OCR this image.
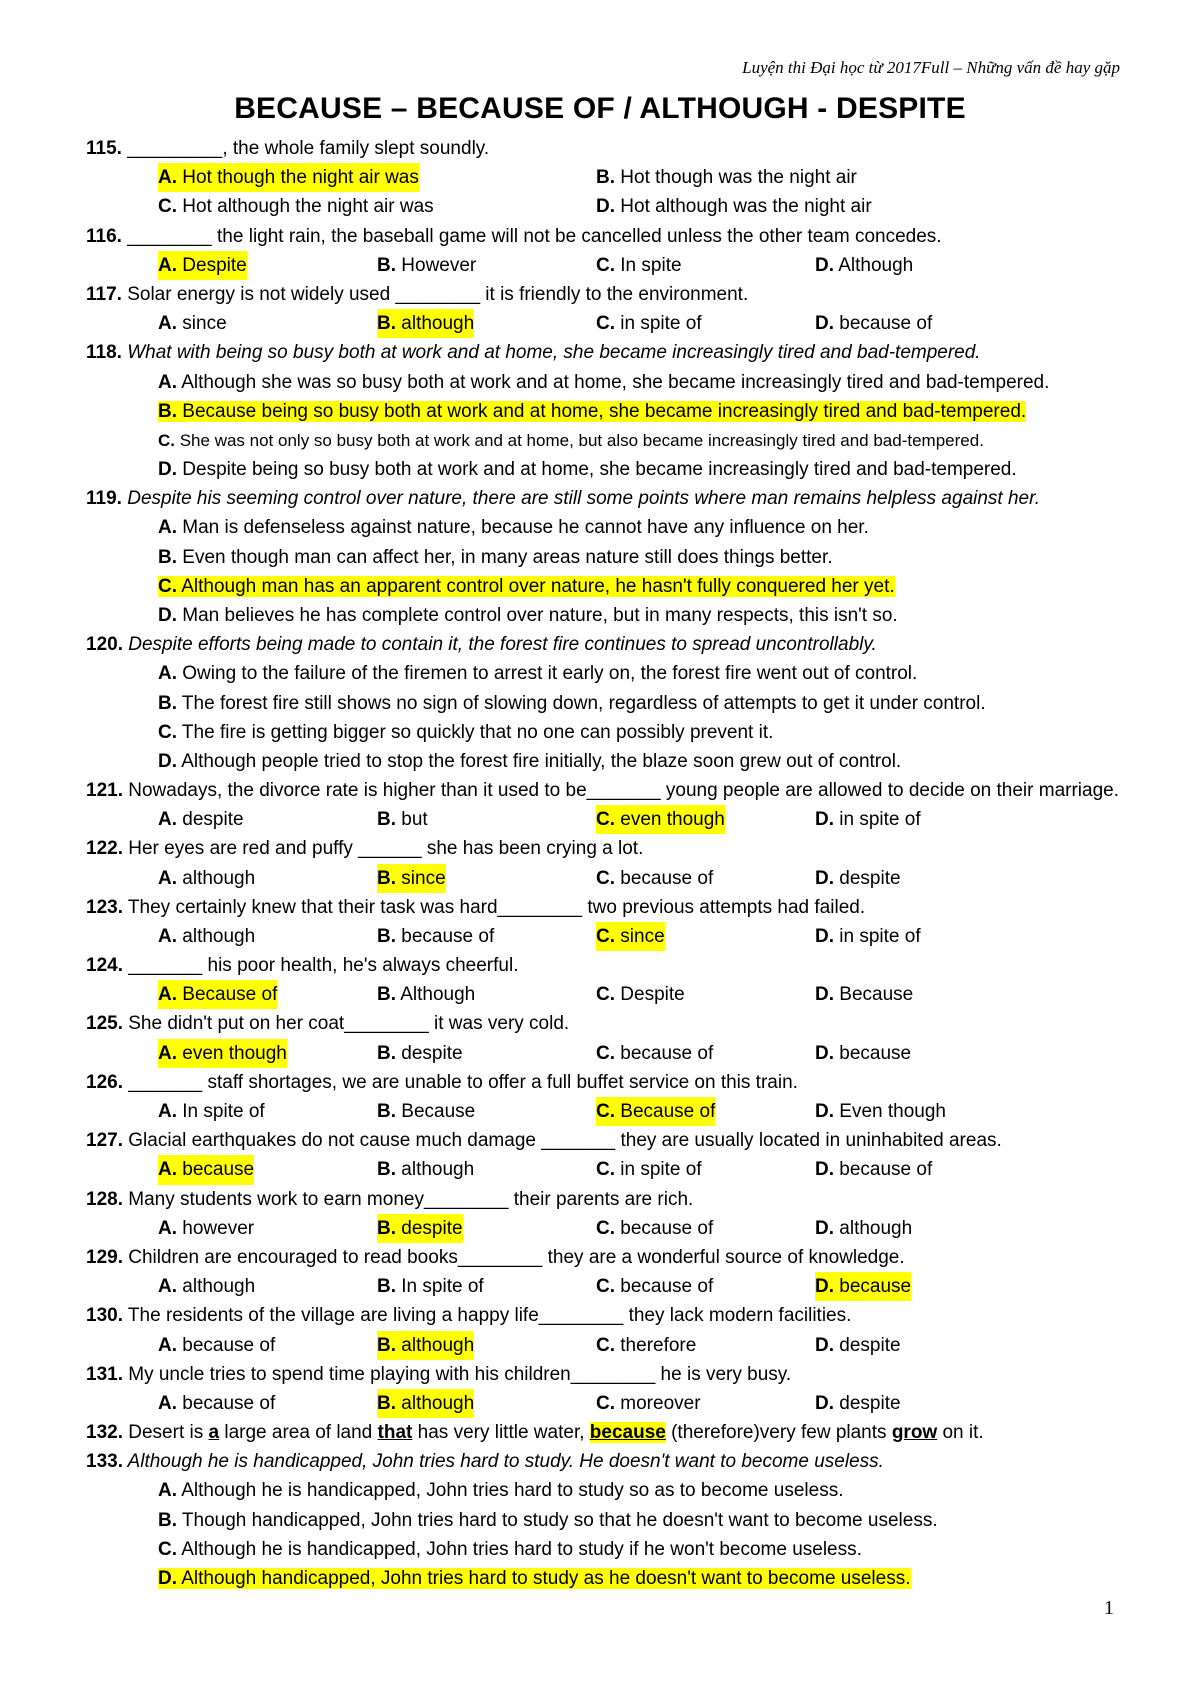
Luyện thi Đại học từ 2017Full – Những vấn đề hay gặp
BECAUSE – BECAUSE OF / ALTHOUGH - DESPITE
115. _________, the whole family slept soundly.
A. Hot though the night air was	B. Hot though was the night air
C. Hot although the night air was	D. Hot although was the night air
116. ________ the light rain, the baseball game will not be cancelled unless the other team concedes.
A. Despite	B. However	C. In spite	D. Although
117. Solar energy is not widely used ________ it is friendly to the environment.
A. since	B. although	C. in spite of	D. because of
118. What with being so busy both at work and at home, she became increasingly tired and bad-tempered.
A. Although she was so busy both at work and at home, she became increasingly tired and bad-tempered.
B. Because being so busy both at work and at home, she became increasingly tired and bad-tempered.
C. She was not only so busy both at work and at home, but also became increasingly tired and bad-tempered.
D. Despite being so busy both at work and at home, she became increasingly tired and bad-tempered.
119. Despite his seeming control over nature, there are still some points where man remains helpless against her.
A. Man is defenseless against nature, because he cannot have any influence on her.
B. Even though man can affect her, in many areas nature still does things better.
C. Although man has an apparent control over nature, he hasn't fully conquered her yet.
D. Man believes he has complete control over nature, but in many respects, this isn't so.
120. Despite efforts being made to contain it, the forest fire continues to spread uncontrollably.
A. Owing to the failure of the firemen to arrest it early on, the forest fire went out of control.
B. The forest fire still shows no sign of slowing down, regardless of attempts to get it under control.
C. The fire is getting bigger so quickly that no one can possibly prevent it.
D. Although people tried to stop the forest fire initially, the blaze soon grew out of control.
121. Nowadays, the divorce rate is higher than it used to be_______ young people are allowed to decide on their marriage.
A. despite	B. but	C. even though	D. in spite of
122. Her eyes are red and puffy ______ she has been crying a lot.
A. although	B. since	C. because of	D. despite
123. They certainly knew that their task was hard________ two previous attempts had failed.
A. although	B. because of	C. since	D. in spite of
124. _______ his poor health, he's always cheerful.
A. Because of	B. Although	C. Despite	D. Because
125. She didn't put on her coat________ it was very cold.
A. even though	B. despite	C. because of	D. because
126. _______ staff shortages, we are unable to offer a full buffet service on this train.
A. In spite of	B. Because	C. Because of	D. Even though
127. Glacial earthquakes do not cause much damage _______ they are usually located in uninhabited areas.
A. because	B. although	C. in spite of	D. because of
128. Many students work to earn money________ their parents are rich.
A. however	B. despite	C. because of	D. although
129. Children are encouraged to read books________ they are a wonderful source of knowledge.
A. although	B. In spite of	C. because of	D. because
130. The residents of the village are living a happy life________ they lack modern facilities.
A. because of	B. although	C. therefore	D. despite
131. My uncle tries to spend time playing with his children________ he is very busy.
A. because of	B. although	C. moreover	D. despite
132. Desert is a large area of land that has very little water, because (therefore)very few plants grow on it.
133. Although he is handicapped, John tries hard to study. He doesn't want to become useless.
A. Although he is handicapped, John tries hard to study so as to become useless.
B. Though handicapped, John tries hard to study so that he doesn't want to become useless.
C. Although he is handicapped, John tries hard to study if he won't become useless.
D. Although handicapped, John tries hard to study as he doesn't want to become useless.
1
